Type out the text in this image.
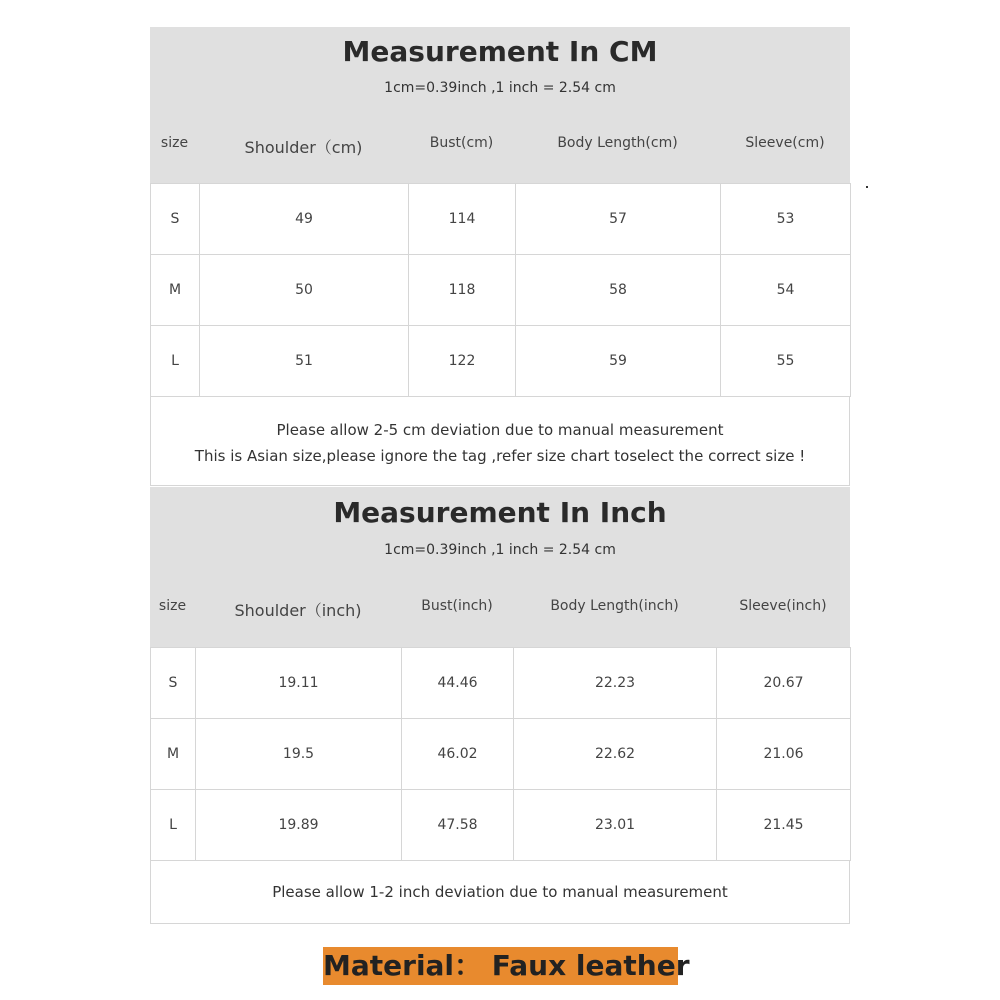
Measurement In CM
1cm=0.39inch ,1 inch = 2.54 cm
size	Shoulder（cm)	Bust(cm)	Body Length(cm)	Sleeve(cm)
S	49	114	57	53
M	50	118	58	54
L	51	122	59	55
Please allow 2-5 cm deviation due to manual measurement
This is Asian size,please ignore the tag ,refer size chart toselect the correct size !
Measurement In Inch
1cm=0.39inch ,1 inch = 2.54 cm
size	Shoulder（inch)	Bust(inch)	Body Length(inch)	Sleeve(inch)
S	19.11	44.46	22.23	20.67
M	19.5	46.02	22.62	21.06
L	19.89	47.58	23.01	21.45
Please allow 1-2 inch deviation due to manual measurement
Material： Faux leather
